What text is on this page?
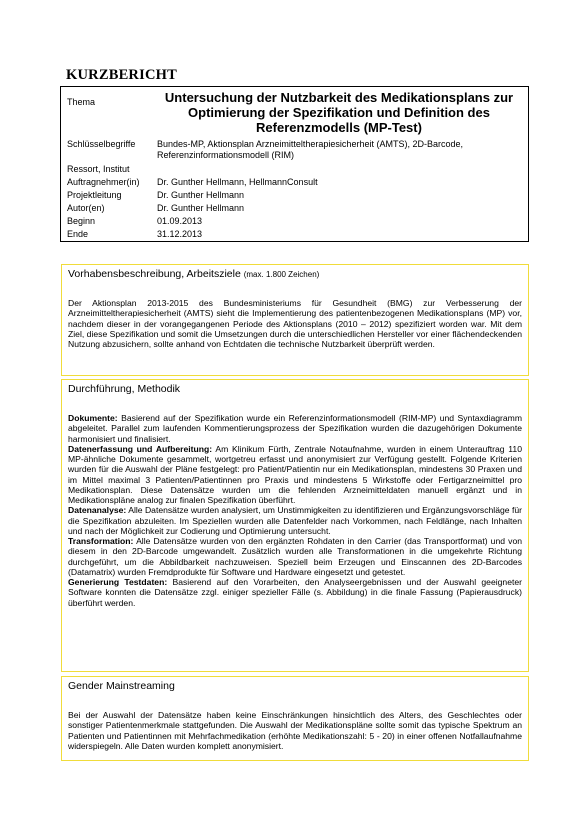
KURZBERICHT
Thema	Untersuchung der Nutzbarkeit des Medikationsplans zur
Optimierung der Spezifikation und Definition des
Referenzmodells (MP-Test)
Schlüsselbegriffe Bundes-MP, Aktionsplan Arzneimitteltherapiesicherheit (AMTS), 2D-Barcode,
Referenzinformationsmodell (RIM)
Ressort, Institut
Auftragnehmer(in) Dr. Gunther Hellmann, HellmannConsult
Projektleitung	Dr. Gunther Hellmann
Autor(en)	Dr. Gunther Hellmann
Beginn	01.09.2013
Ende	31.12.2013
Vorhabensbeschreibung, Arbeitsziele (max. 1.800 Zeichen)
Der Aktionsplan 2013-2015 des Bundesministeriums für Gesundheit (BMG) zur Verbesserung der Arzneimitteltherapiesicherheit (AMTS) sieht die Implementierung des patientenbezogenen Medikationsplans (MP) vor, nachdem dieser in der vorangegangenen Periode des Aktionsplans (2010 – 2012) spezifiziert worden war. Mit dem Ziel, diese Spezifikation und somit die Umsetzungen durch die unterschiedlichen Hersteller vor einer flächendeckenden Nutzung abzusichern, sollte anhand von Echtdaten die technische Nutzbarkeit überprüft werden.
Durchführung, Methodik

Dokumente: Basierend auf der Spezifikation wurde ein Referenzinformationsmodell (RIM-MP) und Syntaxdiagramm abgeleitet. Parallel zum laufenden Kommentierungsprozess der Spezifikation wurden die dazugehörigen Dokumente harmonisiert und finalisiert.

Datenerfassung und Aufbereitung: Am Klinikum Fürth, Zentrale Notaufnahme, wurden in einem Unterauftrag 110 MP-ähnliche Dokumente gesammelt, wortgetreu erfasst und anonymisiert zur Verfügung gestellt. Folgende Kriterien wurden für die Auswahl der Pläne festgelegt: pro Patient/Patientin nur ein Medikationsplan, mindestens 30 Praxen und im Mittel maximal 3 Patienten/Patientinnen pro Praxis und mindestens 5 Wirkstoffe oder Fertigarzneimittel pro Medikationsplan. Diese Datensätze wurden um die fehlenden Arzneimitteldaten manuell ergänzt und in Medikationspläne analog zur finalen Spezifikation überführt.

Datenanalyse: Alle Datensätze wurden analysiert, um Unstimmigkeiten zu identifizieren und Ergänzungsvorschläge für die Spezifikation abzuleiten. Im Speziellen wurden alle Datenfelder nach Vorkommen, nach Feldlänge, nach Inhalten und nach der Möglichkeit zur Codierung und Optimierung untersucht.

Transformation: Alle Datensätze wurden von den ergänzten Rohdaten in den Carrier (das Transportformat) und von diesem in den 2D-Barcode umgewandelt. Zusätzlich wurden alle Transformationen in die umgekehrte Richtung durchgeführt, um die Abbildbarkeit nachzuweisen. Speziell beim Erzeugen und Einscannen des 2D-Barcodes (Datamatrix) wurden Fremdprodukte für Software und Hardware eingesetzt und getestet.

Generierung Testdaten: Basierend auf den Vorarbeiten, den Analyseergebnissen und der Auswahl geeigneter Software konnten die Datensätze zzgl. einiger spezieller Fälle (s. Abbildung) in die finale Fassung (Papierausdruck) überführt werden.

Gender Mainstreaming
Bei der Auswahl der Datensätze haben keine Einschränkungen hinsichtlich des Alters, des Geschlechtes oder sonstiger Patientenmerkmale stattgefunden. Die Auswahl der Medikationspläne sollte somit das typische Spektrum an Patienten und Patientinnen mit Mehrfachmedikation (erhöhte Medikationszahl: 5 - 20) in einer offenen Notfallaufnahme widerspiegeln. Alle Daten wurden komplett anonymisiert.
